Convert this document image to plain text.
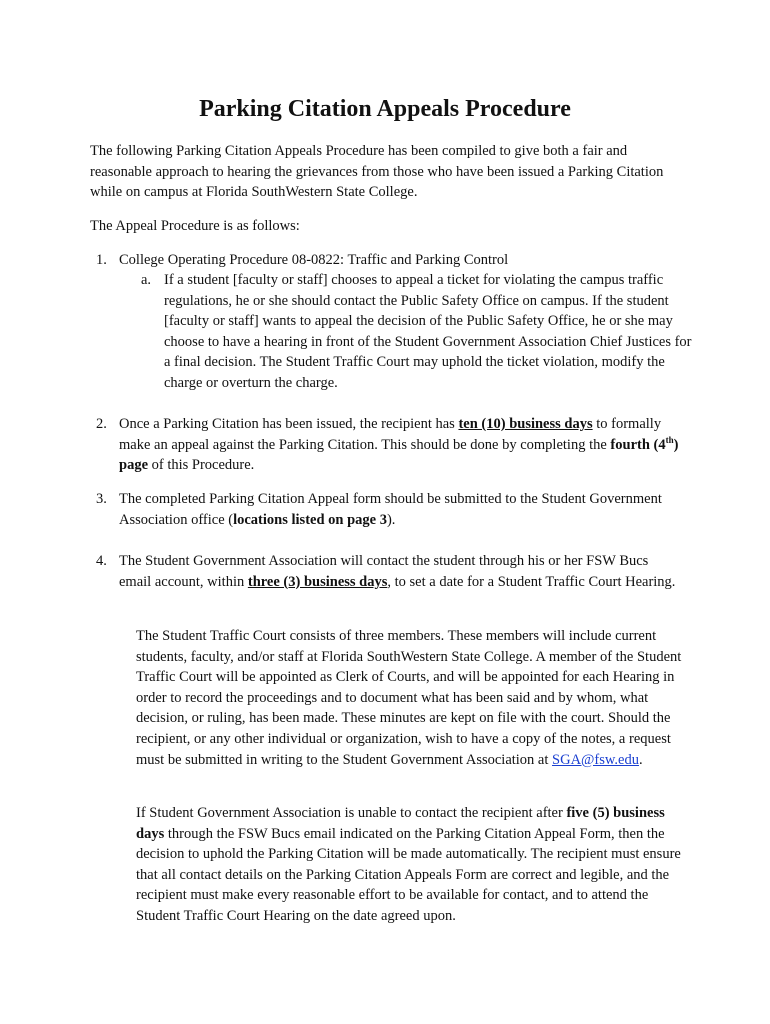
Parking Citation Appeals Procedure

The following Parking Citation Appeals Procedure has been compiled to give both a fair and reasonable approach to hearing the grievances from those who have been issued a Parking Citation while on campus at Florida SouthWestern State College.

The Appeal Procedure is as follows:

1. College Operating Procedure 08-0822: Traffic and Parking Control
a. If a student [faculty or staff] chooses to appeal a ticket for violating the campus traffic regulations, he or she should contact the Public Safety Office on campus. If the student [faculty or staff] wants to appeal the decision of the Public Safety Office, he or she may choose to have a hearing in front of the Student Government Association Chief Justices for a final decision. The Student Traffic Court may uphold the ticket violation, modify the charge or overturn the charge.
2. Once a Parking Citation has been issued, the recipient has ten (10) business days to formally make an appeal against the Parking Citation. This should be done by completing the fourth (4th) page of this Procedure.
3. The completed Parking Citation Appeal form should be submitted to the Student Government Association office (locations listed on page 3).
4. The Student Government Association will contact the student through his or her FSW Bucs email account, within three (3) business days, to set a date for a Student Traffic Court Hearing.

The Student Traffic Court consists of three members. These members will include current students, faculty, and/or staff at Florida SouthWestern State College. A member of the Student Traffic Court will be appointed as Clerk of Courts, and will be appointed for each Hearing in order to record the proceedings and to document what has been said and by whom, what decision, or ruling, has been made. These minutes are kept on file with the court. Should the recipient, or any other individual or organization, wish to have a copy of the notes, a request must be submitted in writing to the Student Government Association at SGA@fsw.edu.

If Student Government Association is unable to contact the recipient after five (5) business days through the FSW Bucs email indicated on the Parking Citation Appeal Form, then the decision to uphold the Parking Citation will be made automatically. The recipient must ensure that all contact details on the Parking Citation Appeals Form are correct and legible, and the recipient must make every reasonable effort to be available for contact, and to attend the Student Traffic Court Hearing on the date agreed upon.
